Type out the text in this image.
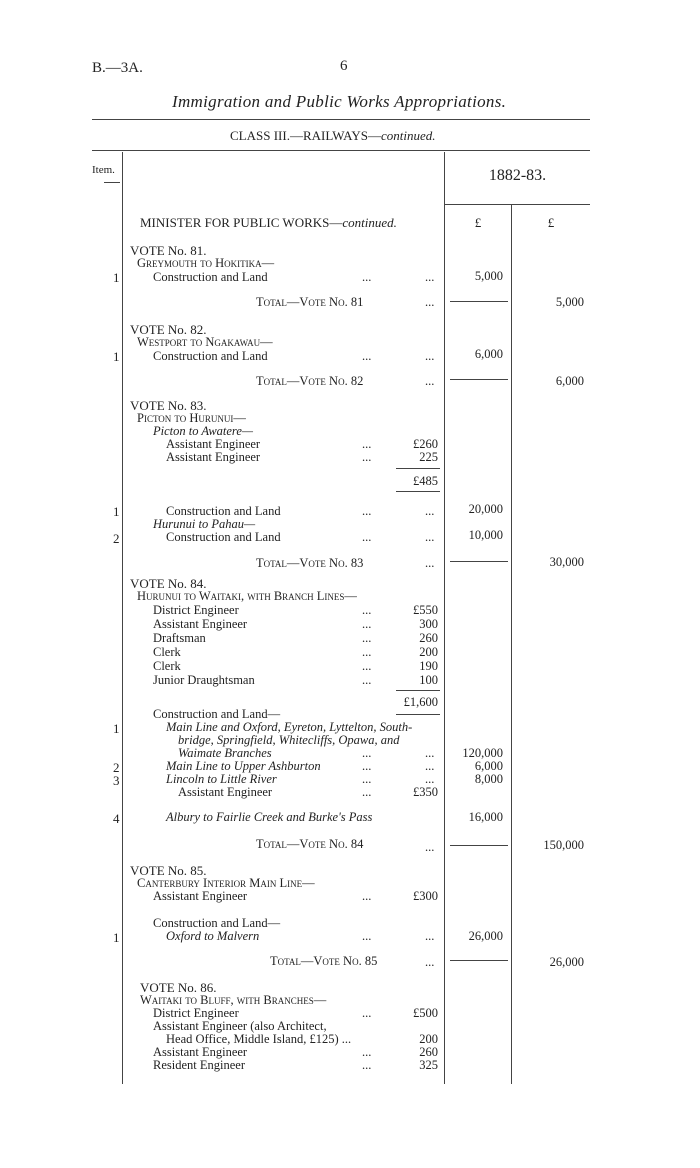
B.—3A.	6
Immigration and Public Works Appropriations.
CLASS III.—RAILWAYS—continued.
Item.	1882-83.
£	£
MINISTER FOR PUBLIC WORKS—continued.
VOTE No. 81.
Greymouth to Hokitika—
1	Construction and Land	...	...	5,000
Total—Vote No. 81	...	5,000
VOTE No. 82.
Westport to Ngakawau—
1	Construction and Land	...	...	6,000
Total—Vote No. 82	...	6,000
VOTE No. 83.
Picton to Hurunui—
Picton to Awatere—
Assistant Engineer	...	£260
Assistant Engineer	...	225
£485
1	Construction and Land	...	...	20,000
Hurunui to Pahau—
2	Construction and Land	...	...	10,000
Total—Vote No. 83	...	30,000
VOTE No. 84.
Hurunui to Waitaki, with Branch Lines—
District Engineer	...	£550
Assistant Engineer	...	300
Draftsman	...	260
Clerk	...	200
Clerk	...	190
Junior Draughtsman	...	100
£1,600
Construction and Land—
1	Main Line and Oxford, Eyreton, Lyttelton, South-
bridge, Springfield, Whitecliffs, Opawa, and
Waimate Branches	...	...	120,000
2	Main Line to Upper Ashburton	...	...	6,000
3	Lincoln to Little River	...	...	8,000
Assistant Engineer	...	£350
4	Albury to Fairlie Creek and Burke's Pass	16,000
Total—Vote No. 84	...	150,000
VOTE No. 85.
Canterbury Interior Main Line—
Assistant Engineer	...	£300
Construction and Land—
1	Oxford to Malvern	...	...	26,000
Total—Vote No. 85	...	26,000
VOTE No. 86.
Waitaki to Bluff, with Branches—
District Engineer	...	£500
Assistant Engineer (also Architect,
Head Office, Middle Island, £125) ...	200
Assistant Engineer	...	260
Resident Engineer	...	325
